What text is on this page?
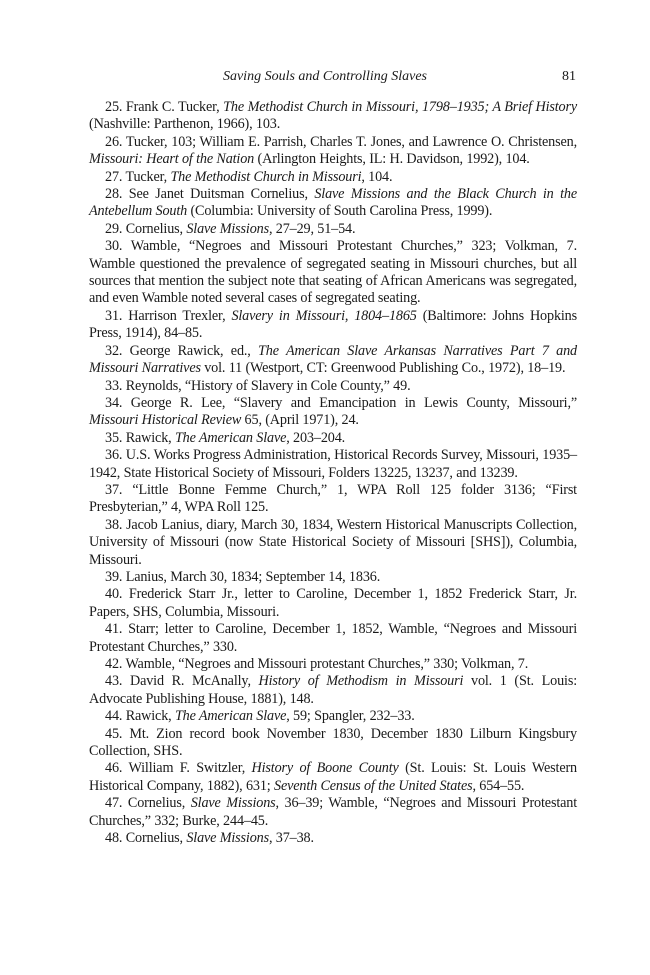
Saving Souls and Controlling Slaves	81

25. Frank C. Tucker, The Methodist Church in Missouri, 1798–1935; A Brief History (Nashville: Parthenon, 1966), 103.

26. Tucker, 103; William E. Parrish, Charles T. Jones, and Lawrence O. Christensen, Missouri: Heart of the Nation (Arlington Heights, IL: H. Davidson, 1992), 104.

27. Tucker, The Methodist Church in Missouri, 104.

28. See Janet Duitsman Cornelius, Slave Missions and the Black Church in the Antebellum South (Columbia: University of South Carolina Press, 1999).

29. Cornelius, Slave Missions, 27–29, 51–54.

30. Wamble, “Negroes and Missouri Protestant Churches,” 323; Volkman, 7. Wamble questioned the prevalence of segregated seating in Missouri churches, but all sources that mention the subject note that seating of African Americans was segregated, and even Wamble noted several cases of segregated seating.

31. Harrison Trexler, Slavery in Missouri, 1804–1865 (Baltimore: Johns Hopkins Press, 1914), 84–85.

32. George Rawick, ed., The American Slave Arkansas Narratives Part 7 and Missouri Narratives vol. 11 (Westport, CT: Greenwood Publishing Co., 1972), 18–19.

33. Reynolds, “History of Slavery in Cole County,” 49.

34. George R. Lee, “Slavery and Emancipation in Lewis County, Missouri,” Missouri Historical Review 65, (April 1971), 24.

35. Rawick, The American Slave, 203–204.

36. U.S. Works Progress Administration, Historical Records Survey, Missouri, 1935–1942, State Historical Society of Missouri, Folders 13225, 13237, and 13239.

37. “Little Bonne Femme Church,” 1, WPA Roll 125 folder 3136; “First Presbyterian,” 4, WPA Roll 125.

38. Jacob Lanius, diary, March 30, 1834, Western Historical Manuscripts Collection, University of Missouri (now State Historical Society of Missouri [SHS]), Columbia, Missouri.

39. Lanius, March 30, 1834; September 14, 1836.

40. Frederick Starr Jr., letter to Caroline, December 1, 1852 Frederick Starr, Jr. Papers, SHS, Columbia, Missouri.

41. Starr; letter to Caroline, December 1, 1852, Wamble, “Negroes and Missouri Protestant Churches,” 330.

42. Wamble, “Negroes and Missouri protestant Churches,” 330; Volkman, 7.

43. David R. McAnally, History of Methodism in Missouri vol. 1 (St. Louis: Advocate Publishing House, 1881), 148.

44. Rawick, The American Slave, 59; Spangler, 232–33.

45. Mt. Zion record book November 1830, December 1830 Lilburn Kingsbury Collection, SHS.

46. William F. Switzler, History of Boone County (St. Louis: St. Louis Western Historical Company, 1882), 631; Seventh Census of the United States, 654–55.

47. Cornelius, Slave Missions, 36–39; Wamble, “Negroes and Missouri Protestant Churches,” 332; Burke, 244–45.

48. Cornelius, Slave Missions, 37–38.
